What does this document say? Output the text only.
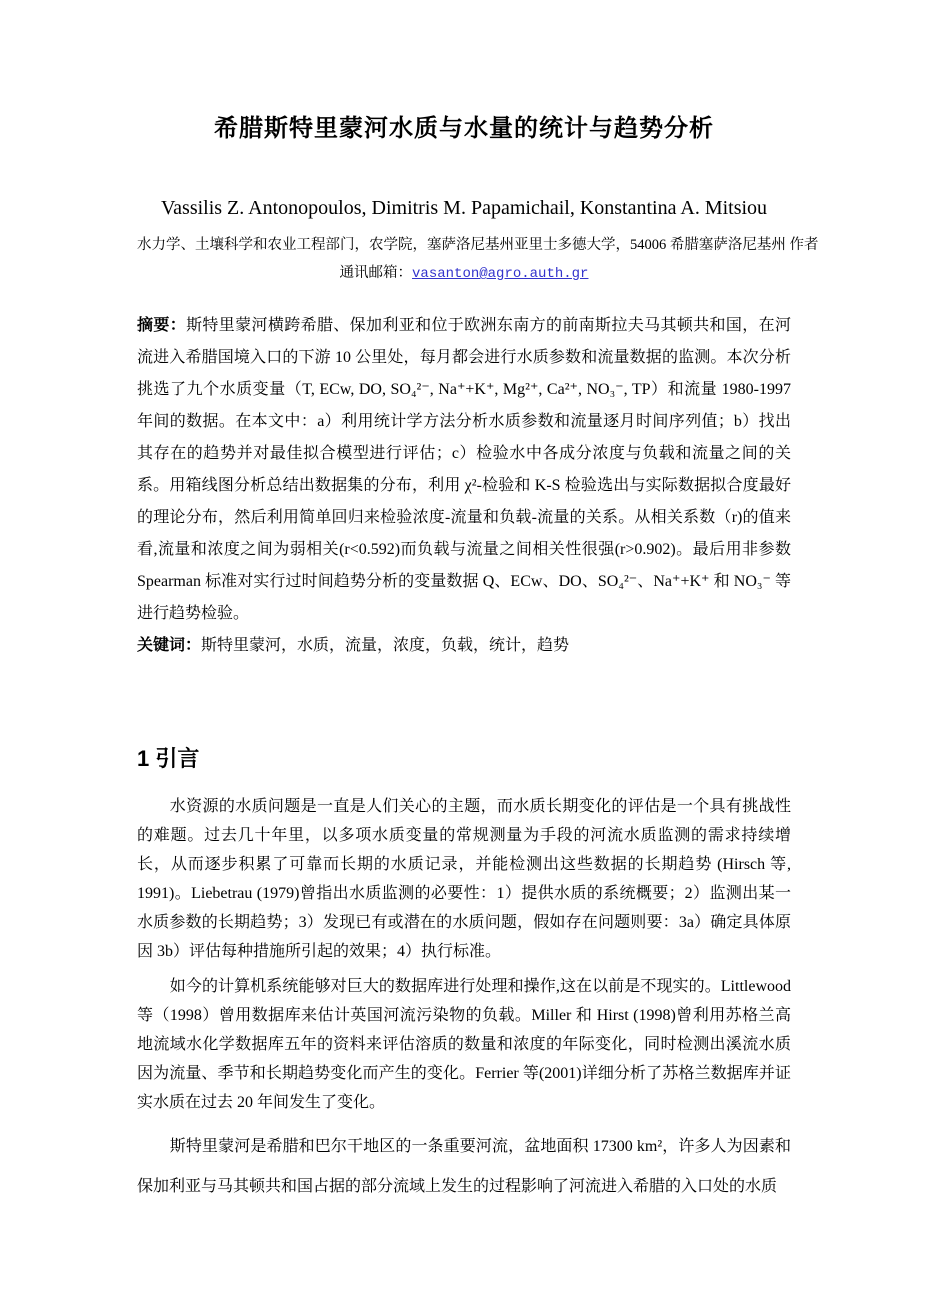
希腊斯特里蒙河水质与水量的统计与趋势分析
Vassilis Z. Antonopoulos, Dimitris M. Papamichail, Konstantina A. Mitsiou
水力学、土壤科学和农业工程部门，农学院，塞萨洛尼基州亚里士多德大学，54006 希腊塞萨洛尼基州 作者
通讯邮箱：vasanton@agro.auth.gr
摘要：斯特里蒙河横跨希腊、保加利亚和位于欧洲东南方的前南斯拉夫马其顿共和国，在河流进入希腊国境入口的下游 10 公里处，每月都会进行水质参数和流量数据的监测。本次分析挑选了九个水质变量（T, ECw, DO, SO₄²⁻, Na⁺+K⁺, Mg²⁺, Ca²⁺, NO₃⁻, TP）和流量 1980-1997 年间的数据。在本文中：a）利用统计学方法分析水质参数和流量逐月时间序列值；b）找出其存在的趋势并对最佳拟合模型进行评估；c）检验水中各成分浓度与负载和流量之间的关系。用箱线图分析总结出数据集的分布，利用 χ²-检验和 K-S 检验选出与实际数据拟合度最好的理论分布，然后利用简单回归来检验浓度-流量和负载-流量的关系。从相关系数（r)的值来看,流量和浓度之间为弱相关(r<0.592)而负载与流量之间相关性很强(r>0.902)。最后用非参数 Spearman 标准对实行过时间趋势分析的变量数据 Q、ECw、DO、SO₄²⁻、Na⁺+K⁺ 和 NO₃⁻ 等进行趋势检验。
关键词：斯特里蒙河，水质，流量，浓度，负载，统计，趋势
1 引言

水资源的水质问题是一直是人们关心的主题，而水质长期变化的评估是一个具有挑战性的难题。过去几十年里，以多项水质变量的常规测量为手段的河流水质监测的需求持续增长，从而逐步积累了可靠而长期的水质记录，并能检测出这些数据的长期趋势 (Hirsch 等, 1991)。Liebetrau (1979)曾指出水质监测的必要性：1）提供水质的系统概要；2）监测出某一水质参数的长期趋势；3）发现已有或潜在的水质问题，假如存在问题则要：3a）确定具体原因 3b）评估每种措施所引起的效果；4）执行标准。

如今的计算机系统能够对巨大的数据库进行处理和操作,这在以前是不现实的。Littlewood 等（1998）曾用数据库来估计英国河流污染物的负载。Miller 和 Hirst (1998)曾利用苏格兰高地流域水化学数据库五年的资料来评估溶质的数量和浓度的年际变化，同时检测出溪流水质因为流量、季节和长期趋势变化而产生的变化。Ferrier 等(2001)详细分析了苏格兰数据库并证实水质在过去 20 年间发生了变化。

斯特里蒙河是希腊和巴尔干地区的一条重要河流，盆地面积 17300 km²，许多人为因素和保加利亚与马其顿共和国占据的部分流域上发生的过程影响了河流进入希腊的入口处的水质
